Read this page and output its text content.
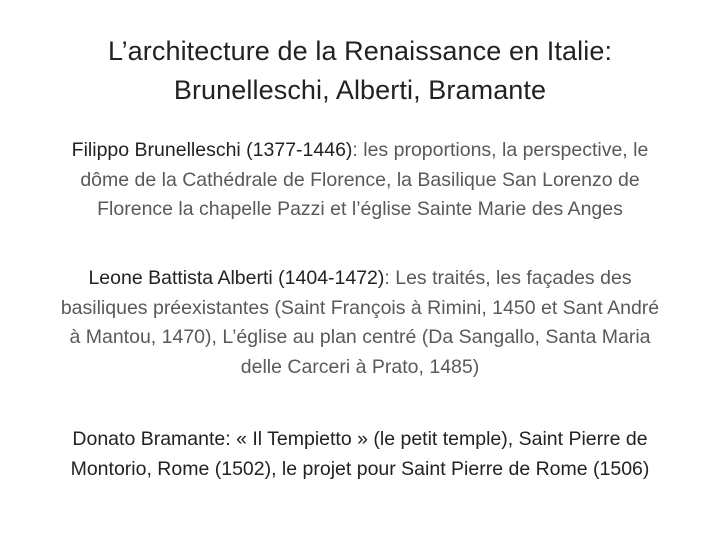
L’architecture de la Renaissance en Italie:
Brunelleschi, Alberti, Bramante
Filippo Brunelleschi (1377-1446): les proportions, la perspective, le
dôme de la Cathédrale de Florence, la Basilique San Lorenzo de
Florence la chapelle Pazzi et l’église Sainte Marie des Anges
Leone Battista Alberti (1404-1472): Les traités, les façades des
basiliques préexistantes (Saint François à Rimini, 1450 et Sant André
à Mantou, 1470), L’église au plan centré (Da Sangallo, Santa Maria
delle Carceri à Prato, 1485)
Donato Bramante: « Il Tempietto » (le petit temple), Saint Pierre de
Montorio, Rome (1502), le projet pour Saint Pierre de Rome (1506)
